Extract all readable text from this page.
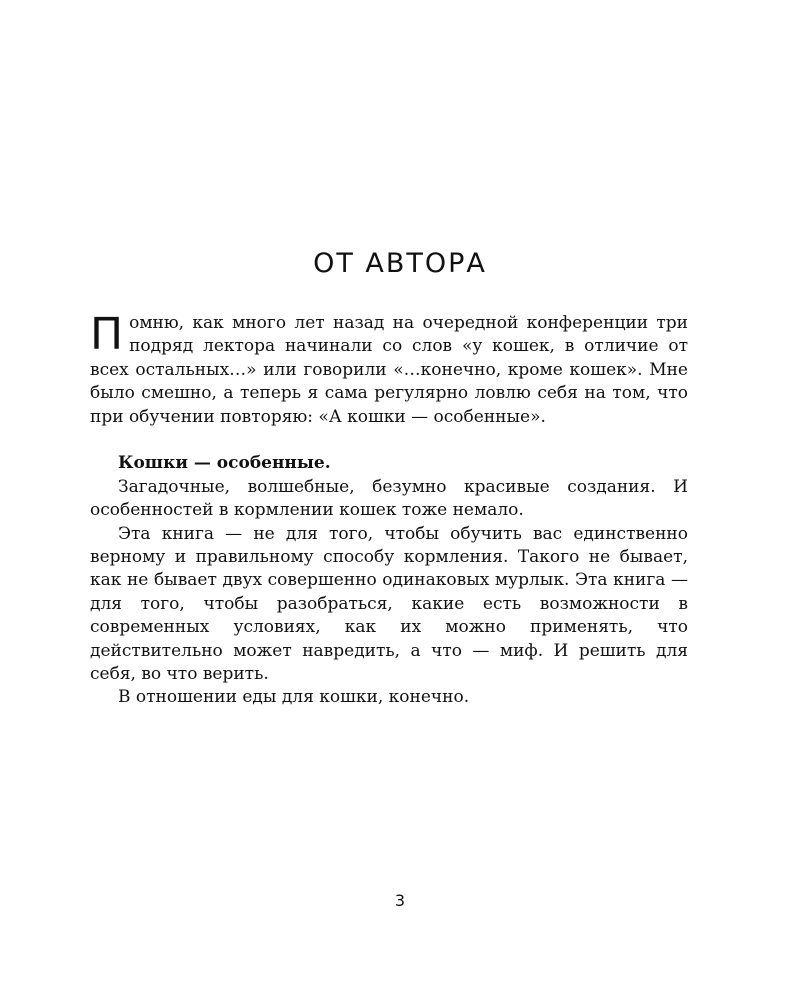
ОТ АВТОРА

Помню, как много лет назад на очередной конференции три подряд лектора начинали со слов «у кошек, в отличие от всех остальных…» или говорили «…конечно, кроме кошек». Мне было смешно, а теперь я сама регулярно ловлю себя на том, что при обучении повторяю: «А кошки — особенные».

Кошки — особенные.

Загадочные, волшебные, безумно красивые создания. И особенностей в кормлении кошек тоже немало.

Эта книга — не для того, чтобы обучить вас единственно верному и правильному способу кормления. Такого не бывает, как не бывает двух совершенно одинаковых мурлык. Эта книга — для того, чтобы разобраться, какие есть возможности в современных условиях, как их можно применять, что действительно может навредить, а что — миф. И решить для себя, во что верить.

В отношении еды для кошки, конечно.

3
